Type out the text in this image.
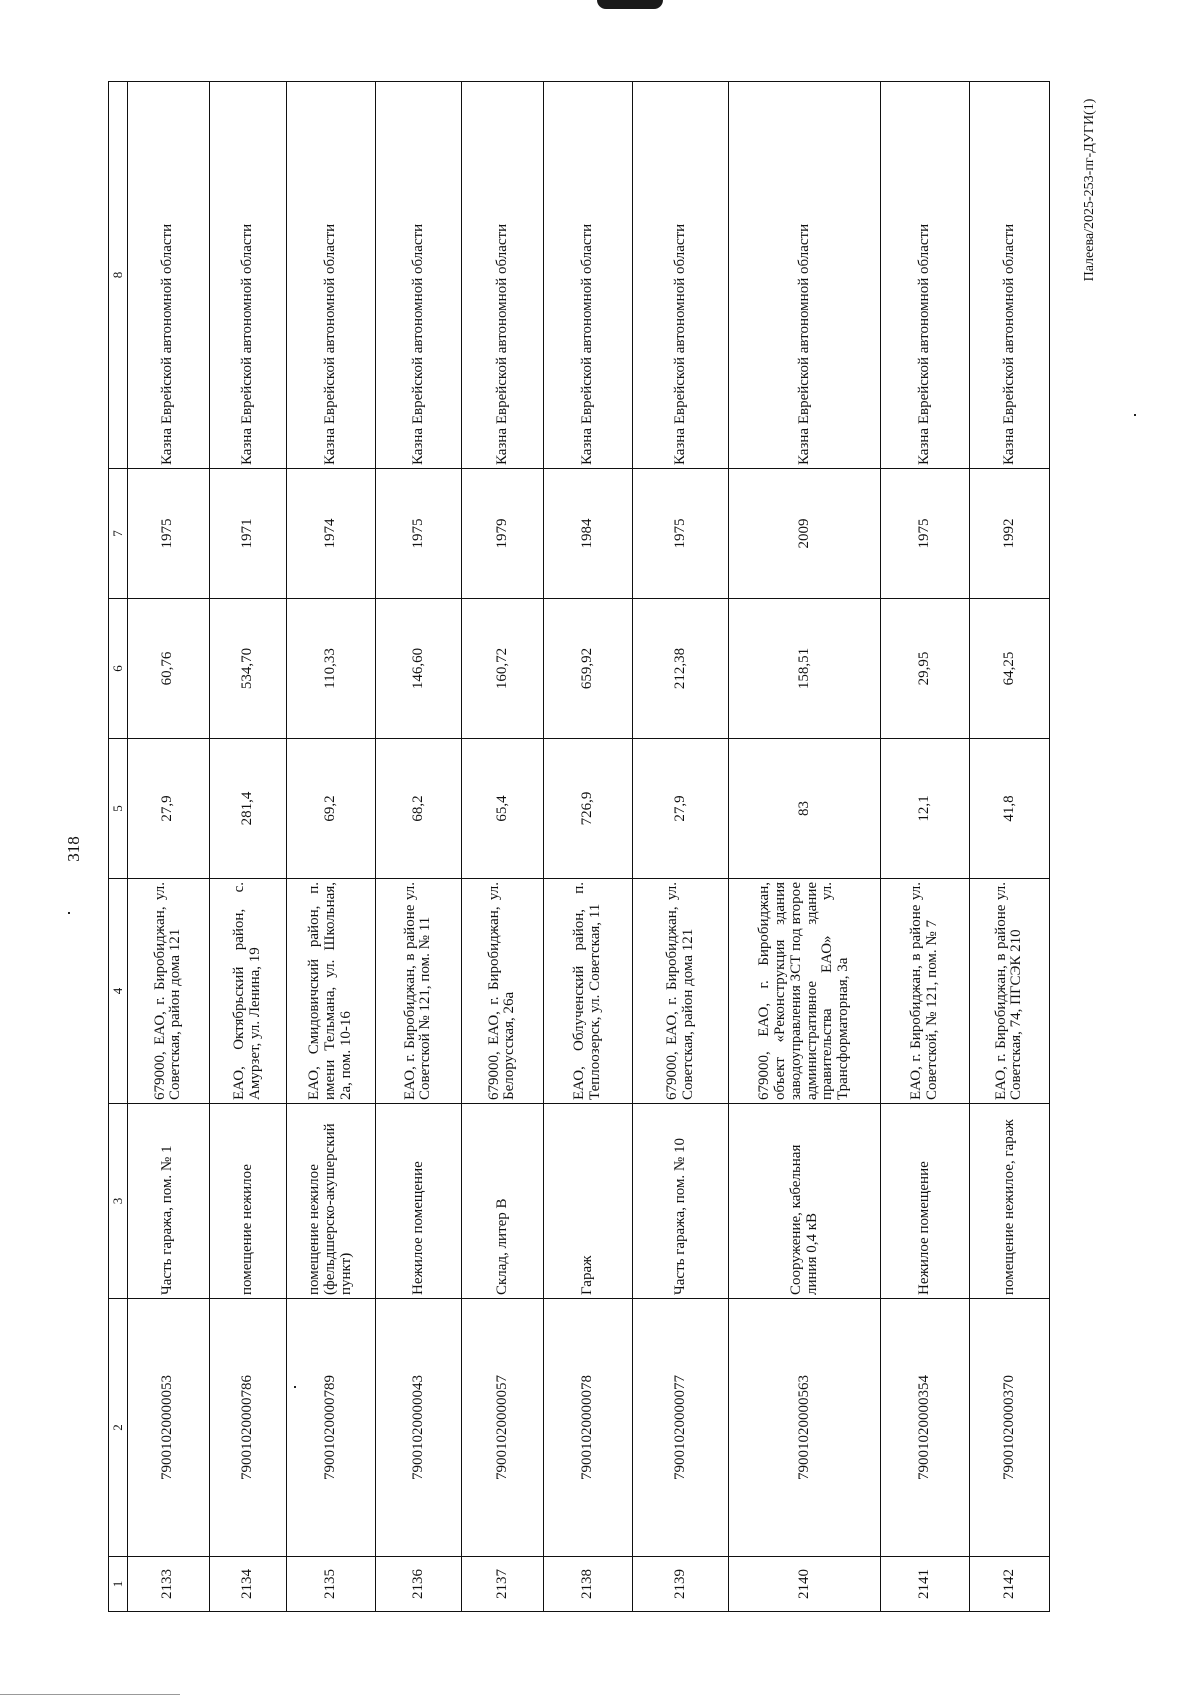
318
Палеева/2025-253-пг-ДУГИ(1)
1	2	3	4	5	6	7	8
2133	79001020000053	Часть гаража, пом. № 1	679000, ЕАО, г. Биробиджан, ул. Советская, район дома 121	27,9	60,76	1975	Казна Еврейской автономной области
2134	79001020000786	помещение нежилое	ЕАО, Октябрьский район, с. Амурзет, ул. Ленина, 19	281,4	534,70	1971	Казна Еврейской автономной области
2135	79001020000789	помещение нежилое (фельдшерско-акушерский пункт)	ЕАО, Смидовичский район, п. имени Тельмана, ул. Школьная, 2а, пом. 10-16	69,2	110,33	1974	Казна Еврейской автономной области
2136	79001020000043	Нежилое помещение	ЕАО, г. Биробиджан, в районе ул. Советской № 121, пом. № 11	68,2	146,60	1975	Казна Еврейской автономной области
2137	79001020000057	Склад, литер В	679000, ЕАО, г. Биробиджан, ул. Белорусская, 26а	65,4	160,72	1979	Казна Еврейской автономной области
2138	79001020000078	Гараж	ЕАО, Облученский район, п. Теплоозерск, ул. Советская, 11	726,9	659,92	1984	Казна Еврейской автономной области
2139	79001020000077	Часть гаража, пом. № 10	679000, ЕАО, г. Биробиджан, ул. Советская, район дома 121	27,9	212,38	1975	Казна Еврейской автономной области
2140	79001020000563	Сооружение, кабельная линия 0,4 кВ	679000, ЕАО, г. Биробиджан, объект «Реконструкция здания заводоуправления ЗСТ под второе административное здание правительства ЕАО» ул. Трансформаторная, 3а	83	158,51	2009	Казна Еврейской автономной области
2141	79001020000354	Нежилое помещение	ЕАО, г. Биробиджан, в районе ул. Советской, № 121, пом. № 7	12,1	29,95	1975	Казна Еврейской автономной области
2142	79001020000370	помещение нежилое, гараж	ЕАО, г. Биробиджан, в районе ул. Советская, 74, ПГСЭК 210	41,8	64,25	1992	Казна Еврейской автономной области
